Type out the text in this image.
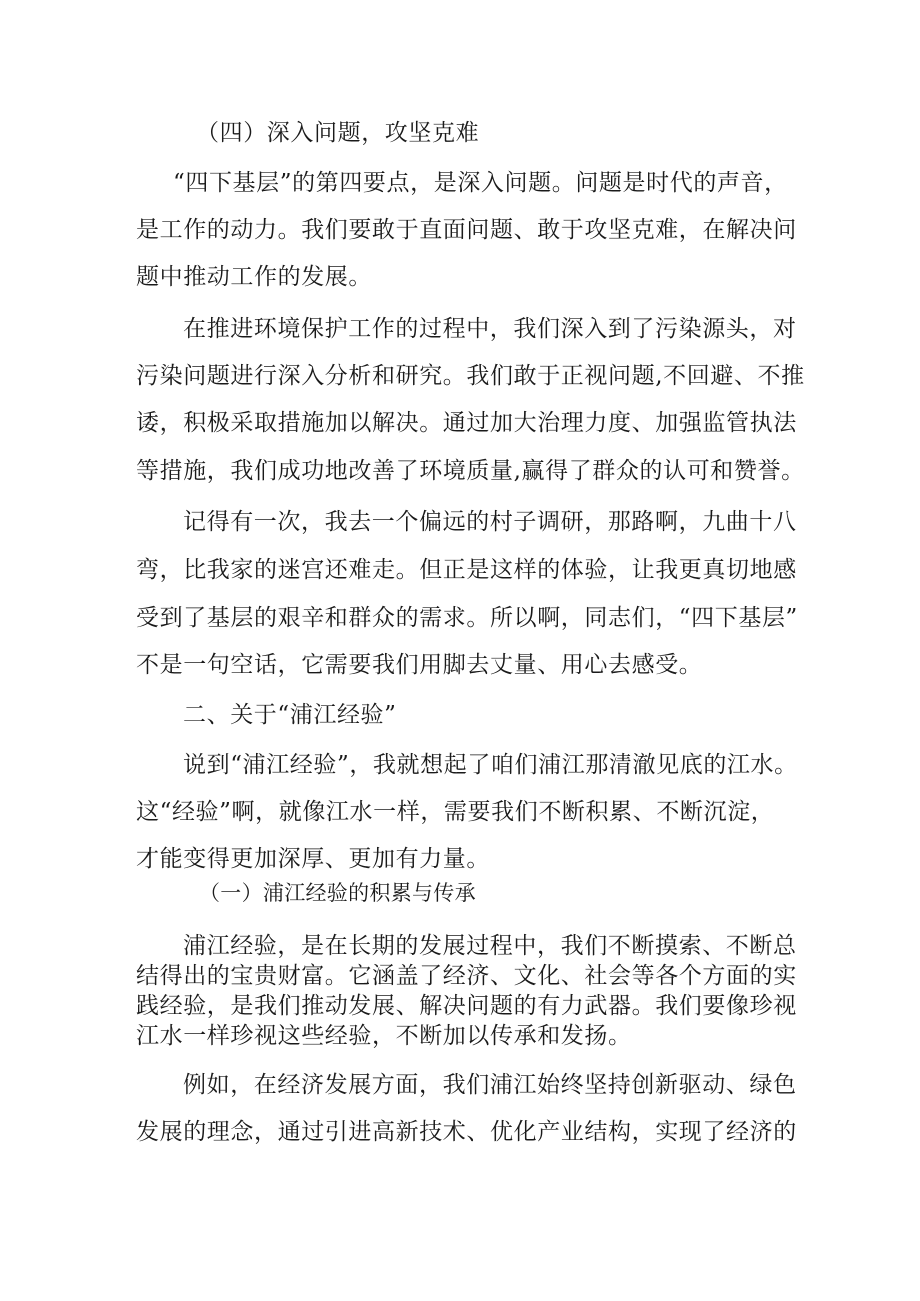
（四）深入问题，攻坚克难
“四下基层”的第四要点，是深入问题。问题是时代的声音，
是工作的动力。我们要敢于直面问题、敢于攻坚克难，在解决问
题中推动工作的发展。
在推进环境保护工作的过程中，我们深入到了污染源头，对
污染问题进行深入分析和研究。我们敢于正视问题,不回避、不推
诿，积极采取措施加以解决。通过加大治理力度、加强监管执法
等措施，我们成功地改善了环境质量,赢得了群众的认可和赞誉。
记得有一次，我去一个偏远的村子调研，那路啊，九曲十八
弯，比我家的迷宫还难走。但正是这样的体验，让我更真切地感
受到了基层的艰辛和群众的需求。所以啊，同志们，“四下基层”
不是一句空话，它需要我们用脚去丈量、用心去感受。
二、关于“浦江经验”
说到“浦江经验”，我就想起了咱们浦江那清澈见底的江水。
这“经验”啊，就像江水一样，需要我们不断积累、不断沉淀，
才能变得更加深厚、更加有力量。
（一）浦江经验的积累与传承
浦江经验，是在长期的发展过程中，我们不断摸索、不断总
结得出的宝贵财富。它涵盖了经济、文化、社会等各个方面的实
践经验，是我们推动发展、解决问题的有力武器。我们要像珍视
江水一样珍视这些经验，不断加以传承和发扬。
例如，在经济发展方面，我们浦江始终坚持创新驱动、绿色
发展的理念，通过引进高新技术、优化产业结构，实现了经济的
